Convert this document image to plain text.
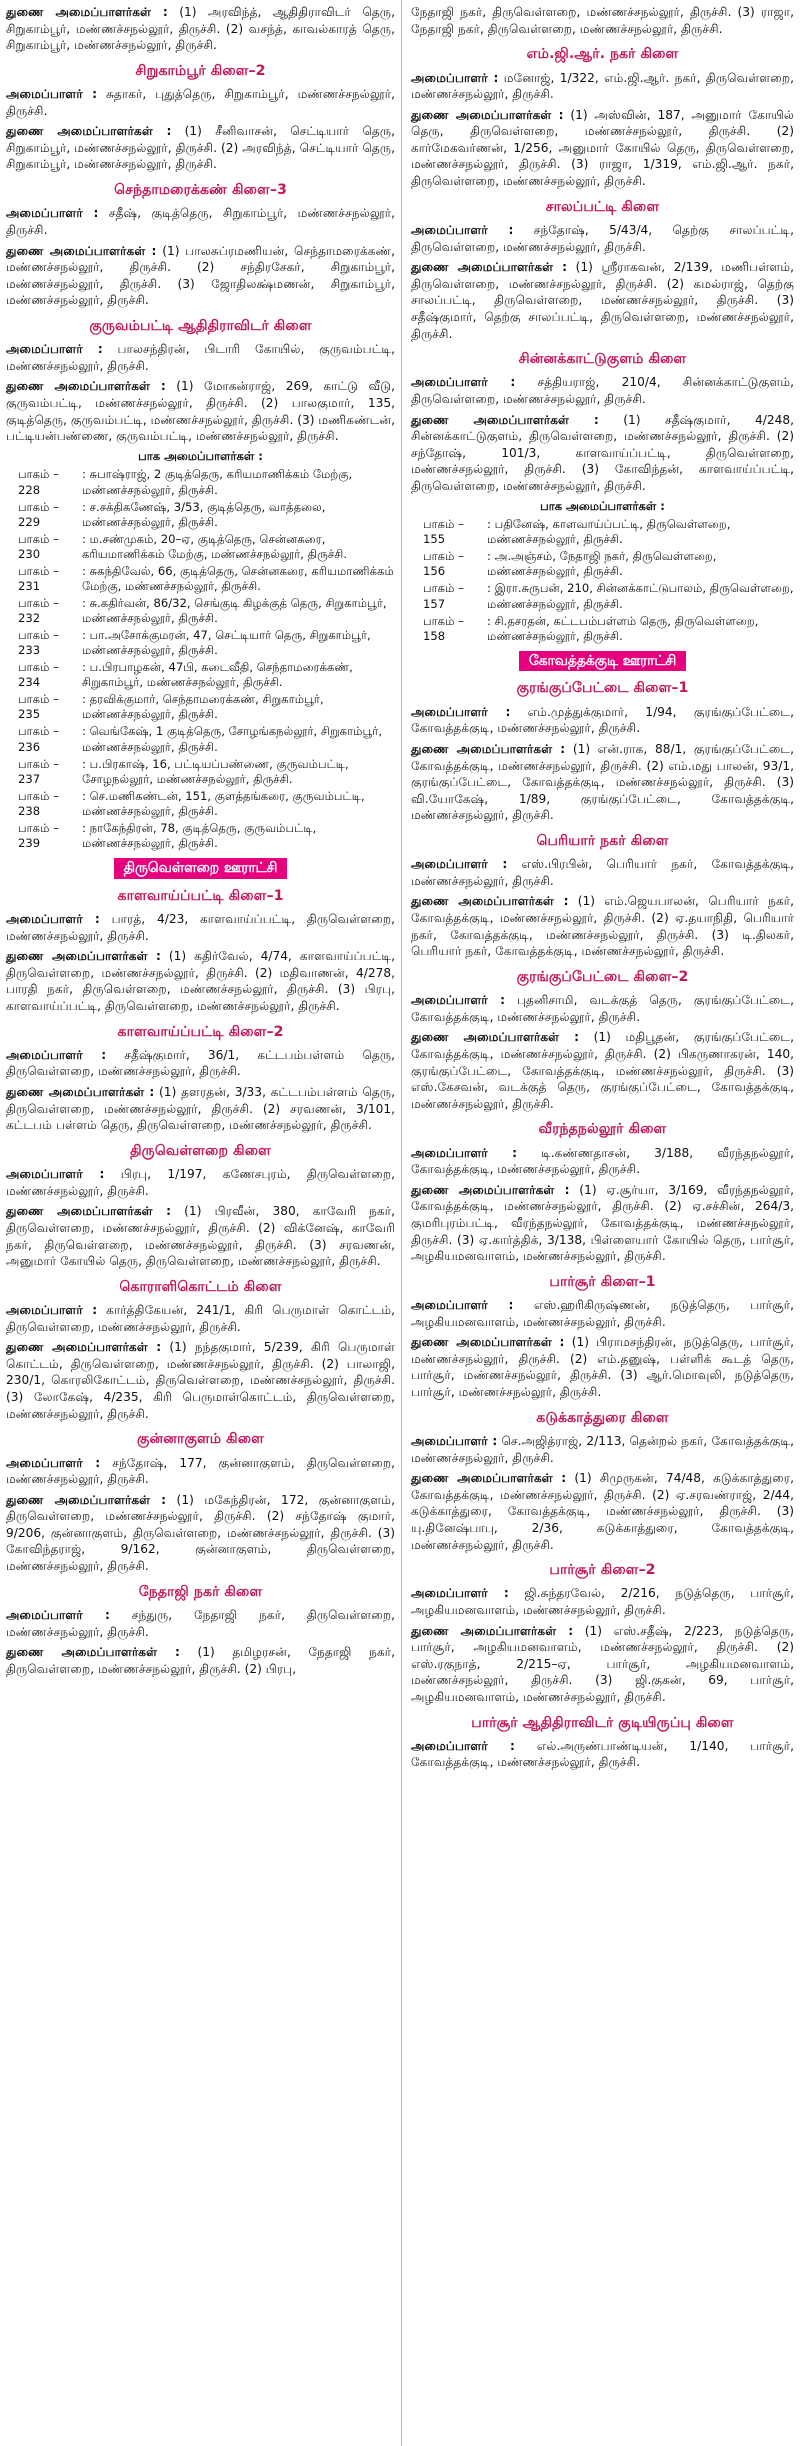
துணை அமைப்பாளர்கள் : (1) அரவிந்த், ஆதிதிராவிடர் தெரு, சிறுகாம்பூர், மண்ணச்சநல்லூர், திருச்சி. (2) வசந்த், காவல்காரத் தெரு, சிறுகாம்பூர், மண்ணச்சநல்லூர், திருச்சி.
சிறுகாம்பூர் கிளை–2
அமைப்பாளர் : சுதாகர், புதுத்தெரு, சிறுகாம்பூர், மண்ணச்சநல்லூர், திருச்சி.
துணை அமைப்பாளர்கள் : (1) சீனிவாசன், செட்டியார் தெரு, சிறுகாம்பூர், மண்ணச்சநல்லூர், திருச்சி. (2) அரவிந்த், செட்டியார் தெரு, சிறுகாம்பூர், மண்ணச்சநல்லூர், திருச்சி.
செந்தாமரைக்கண் கிளை–3
அமைப்பாளர் : சதீஷ், குடித்தெரு, சிறுகாம்பூர், மண்ணச்சநல்லூர், திருச்சி.
துணை அமைப்பாளர்கள் : (1) பாலசுப்ரமணியன், செந்தாமரைக்கண், மண்ணச்சநல்லூர், திருச்சி. (2) சந்திரசேகர், சிறுகாம்பூர், மண்ணச்சநல்லூர், திருச்சி. (3) ஜோதிலக்ஷ்மணன், சிறுகாம்பூர், மண்ணச்சநல்லூர், திருச்சி.
குருவம்பட்டி ஆதிதிராவிடர் கிளை
அமைப்பாளர் : பாலசந்திரன், பிடாரி கோயில், குருவம்பட்டி, மண்ணச்சநல்லூர், திருச்சி.
துணை அமைப்பாளர்கள் : (1) மோகன்ராஜ், 269, காட்டு வீடு, குருவம்பட்டி, மண்ணச்சநல்லூர், திருச்சி. (2) பாலகுமார், 135, குடித்தெரு, குருவம்பட்டி, மண்ணச்சநல்லூர், திருச்சி. (3) மணிகண்டன், பட்டியன்பண்ணை, குருவம்பட்டி, மண்ணச்சநல்லூர், திருச்சி.
பாக அமைப்பாளர்கள் :
பாகம் – 228
: சுபாஷ்ராஜ், 2 குடித்தெரு, கரியமாணிக்கம் மேற்கு, மண்ணச்சநல்லூர், திருச்சி.
பாகம் – 229
: ச.சக்திகணேஷ், 3/53, குடித்தெரு, வாத்தலை, மண்ணச்சநல்லூர், திருச்சி.
பாகம் – 230
: ம.சண்முகம், 20–ஏ, குடித்தெரு, சென்னகரை, கரியமாணிக்கம் மேற்கு, மண்ணச்சநல்லூர், திருச்சி.
பாகம் – 231
: சுகந்திவேல், 66, குடித்தெரு, சென்னகரை, கரியமாணிக்கம் மேற்கு, மண்ணச்சநல்லூர், திருச்சி.
பாகம் – 232
: சு.கதிர்வன், 86/32, செங்குடி கிழக்குத் தெரு, சிறுகாம்பூர், மண்ணச்சநல்லூர், திருச்சி.
பாகம் – 233
: பா.அசோக்குமரன், 47, செட்டியார் தெரு, சிறுகாம்பூர், மண்ணச்சநல்லூர், திருச்சி.
பாகம் – 234
: ப.பிரபாழகன், 47பி, கடைவீதி, செந்தாமரைக்கண், சிறுகாம்பூர், மண்ணச்சநல்லூர், திருச்சி.
பாகம் – 235
: தரவிக்குமார், செந்தாமரைக்கண், சிறுகாம்பூர், மண்ணச்சநல்லூர், திருச்சி.
பாகம் – 236
: வெங்கேஷ், 1 குடித்தெரு, சோழங்கநல்லூர், சிறுகாம்பூர், மண்ணச்சநல்லூர், திருச்சி.
பாகம் – 237
: ப.பிரகாஷ், 16, பட்டியப்பண்ணை, குருவம்பட்டி, சோழநல்லூர், மண்ணச்சநல்லூர், திருச்சி.
பாகம் – 238
: செ.மணிகண்டன், 151, குளத்தங்கரை, குருவம்பட்டி, மண்ணச்சநல்லூர், திருச்சி.
பாகம் – 239
: நாகேந்திரன், 78, குடித்தெரு, குருவம்பட்டி, மண்ணச்சநல்லூர், திருச்சி.
திருவெள்ளறை ஊராட்சி
காளவாய்ப்பட்டி கிளை–1
அமைப்பாளர் : பாரத், 4/23, காளவாய்ப்பட்டி, திருவெள்ளறை, மண்ணச்சநல்லூர், திருச்சி.
துணை அமைப்பாளர்கள் : (1) கதிர்வேல், 4/74, காளவாய்ப்பட்டி, திருவெள்ளறை, மண்ணச்சநல்லூர், திருச்சி. (2) மதிவாணன், 4/278, பாரதி நகர், திருவெள்ளறை, மண்ணச்சநல்லூர், திருச்சி. (3) பிரபு, காளவாய்ப்பட்டி, திருவெள்ளறை, மண்ணச்சநல்லூர், திருச்சி.
காளவாய்ப்பட்டி கிளை–2
அமைப்பாளர் : சதீஷ்குமார், 36/1, கட்டபம்பள்ளம் தெரு, திருவெள்ளறை, மண்ணச்சநல்லூர், திருச்சி.
துணை அமைப்பாளர்கள் : (1) தளரதன், 3/33, கட்டபம்பள்ளம் தெரு, திருவெள்ளறை, மண்ணச்சநல்லூர், திருச்சி. (2) சரவணன், 3/101, கட்டபம் பள்ளம் தெரு, திருவெள்ளறை, மண்ணச்சநல்லூர், திருச்சி.
திருவெள்ளறை கிளை
அமைப்பாளர் : பிரபு, 1/197, கணேசபுரம், திருவெள்ளறை, மண்ணச்சநல்லூர், திருச்சி.
துணை அமைப்பாளர்கள் : (1) பிரவீன், 380, காவேரி நகர், திருவெள்ளறை, மண்ணச்சநல்லூர், திருச்சி. (2) விக்னேஷ், காவேரி நகர், திருவெள்ளறை, மண்ணச்சநல்லூர், திருச்சி. (3) சரவணன், அனுமார் கோயில் தெரு, திருவெள்ளறை, மண்ணச்சநல்லூர், திருச்சி.
கொராளிகொட்டம் கிளை
அமைப்பாளர் : கார்த்திகேயன், 241/1, கிரி பெருமாள் கொட்டம், திருவெள்ளறை, மண்ணச்சநல்லூர், திருச்சி.
துணை அமைப்பாளர்கள் : (1) நந்தகுமார், 5/239, கிரி பெருமாள் கொட்டம், திருவெள்ளறை, மண்ணச்சநல்லூர், திருச்சி. (2) பாலாஜி, 230/1, கொரலிகோட்டம், திருவெள்ளறை, மண்ணச்சநல்லூர், திருச்சி. (3) லோகேஷ், 4/235, கிரி பெருமாள்கொட்டம், திருவெள்ளறை, மண்ணச்சநல்லூர், திருச்சி.
குன்னாகுளம் கிளை
அமைப்பாளர் : சந்தோஷ், 177, குன்னாகுளம், திருவெள்ளறை, மண்ணச்சநல்லூர், திருச்சி.
துணை அமைப்பாளர்கள் : (1) மகேந்திரன், 172, குன்னாகுளம், திருவெள்ளறை, மண்ணச்சநல்லூர், திருச்சி. (2) சந்தோஷ் குமார், 9/206, குன்னாகுளம், திருவெள்ளறை, மண்ணச்சநல்லூர், திருச்சி. (3) கோவிந்தராஜ், 9/162, குன்னாகுளம், திருவெள்ளறை, மண்ணச்சநல்லூர், திருச்சி.
நேதாஜி நகர் கிளை
அமைப்பாளர் : சந்துரு, நேதாஜி நகர், திருவெள்ளறை, மண்ணச்சநல்லூர், திருச்சி.
துணை அமைப்பாளர்கள் : (1) தமிழரசன், நேதாஜி நகர், திருவெள்ளறை, மண்ணச்சநல்லூர், திருச்சி. (2) பிரபு,
நேதாஜி நகர், திருவெள்ளறை, மண்ணச்சநல்லூர், திருச்சி. (3) ராஜா, நேதாஜி நகர், திருவெள்ளறை, மண்ணச்சநல்லூர், திருச்சி.
எம்.ஜி.ஆர். நகர் கிளை
அமைப்பாளர் : மனோஜ், 1/322, எம்.ஜி.ஆர். நகர், திருவெள்ளறை, மண்ணச்சநல்லூர், திருச்சி.
துணை அமைப்பாளர்கள் : (1) அஸ்வின், 187, அனுமார் கோயில் தெரு, திருவெள்ளறை, மண்ணச்சநல்லூர், திருச்சி. (2) கார்மேகவர்ணன், 1/256, அனுமார் கோயில் தெரு, திருவெள்ளறை, மண்ணச்சநல்லூர், திருச்சி. (3) ராஜா, 1/319, எம்.ஜி.ஆர். நகர், திருவெள்ளறை, மண்ணச்சநல்லூர், திருச்சி.
சாலப்பட்டி கிளை
அமைப்பாளர் : சந்தோஷ், 5/43/4, தெற்கு சாலப்பட்டி, திருவெள்ளறை, மண்ணச்சநல்லூர், திருச்சி.
துணை அமைப்பாளர்கள் : (1) ஸ்ரீராகவன், 2/139, மணிபள்ளம், திருவெள்ளறை, மண்ணச்சநல்லூர், திருச்சி. (2) கமல்ராஜ், தெற்கு சாலப்பட்டி, திருவெள்ளறை, மண்ணச்சநல்லூர், திருச்சி. (3) சதீஷ்குமார், தெற்கு சாலப்பட்டி, திருவெள்ளறை, மண்ணச்சநல்லூர், திருச்சி.
சின்னக்காட்டுகுளம் கிளை
அமைப்பாளர் : சத்தியராஜ், 210/4, சின்னக்காட்டுகுளம், திருவெள்ளறை, மண்ணச்சநல்லூர், திருச்சி.
துணை அமைப்பாளர்கள் : (1) சதீஷ்குமார், 4/248, சின்னக்காட்டுகுளம், திருவெள்ளறை, மண்ணச்சநல்லூர், திருச்சி. (2) சந்தோஷ், 101/3, காளவாய்ப்பட்டி, திருவெள்ளறை, மண்ணச்சநல்லூர், திருச்சி. (3) கோவிந்தன், காளவாய்ப்பட்டி, திருவெள்ளறை, மண்ணச்சநல்லூர், திருச்சி.
பாக அமைப்பாளர்கள் :
பாகம் – 155
: பதினேஷ், காளவாய்ப்பட்டி, திருவெள்ளறை, மண்ணச்சநல்லூர், திருச்சி.
பாகம் – 156
: அ.அஞ்சம், நேதாஜி நகர், திருவெள்ளறை, மண்ணச்சநல்லூர், திருச்சி.
பாகம் – 157
: இரா.சுருபன், 210, சின்னக்காட்டுபாலம், திருவெள்ளறை, மண்ணச்சநல்லூர், திருச்சி.
பாகம் – 158
: சி.தசரதன், கட்டபம்பள்ளம் தெரு, திருவெள்ளறை, மண்ணச்சநல்லூர், திருச்சி.
கோவத்தக்குடி ஊராட்சி
குரங்குப்பேட்டை கிளை–1
அமைப்பாளர் : எம்.முத்துக்குமார், 1/94, குரங்குப்பேட்டை, கோவத்தக்குடி, மண்ணச்சநல்லூர், திருச்சி.
துணை அமைப்பாளர்கள் : (1) என்.ராக, 88/1, குரங்குப்பேட்டை, கோவத்தக்குடி, மண்ணச்சநல்லூர், திருச்சி. (2) எம்.மது பாலன், 93/1, குரங்குப்பேட்டை, கோவத்தக்குடி, மண்ணச்சநல்லூர், திருச்சி. (3) வி.யோகேஷ், 1/89, குரங்குப்பேட்டை, கோவத்தக்குடி, மண்ணச்சநல்லூர், திருச்சி.
பெரியார் நகர் கிளை
அமைப்பாளர் : எஸ்.பிரபின், பெரியார் நகர், கோவத்தக்குடி, மண்ணச்சநல்லூர், திருச்சி.
துணை அமைப்பாளர்கள் : (1) எம்.ஜெயபாலன், பெரியார் நகர், கோவத்தக்குடி, மண்ணச்சநல்லூர், திருச்சி. (2) ஏ.தயாநிதி, பெரியார் நகர், கோவத்தக்குடி, மண்ணச்சநல்லூர், திருச்சி. (3) டி.திலகர், பெரியார் நகர், கோவத்தக்குடி, மண்ணச்சநல்லூர், திருச்சி.
குரங்குப்பேட்டை கிளை–2
அமைப்பாளர் : புதனிசாமி, வடக்குத் தெரு, குரங்குப்பேட்டை, கோவத்தக்குடி, மண்ணச்சநல்லூர், திருச்சி.
துணை அமைப்பாளர்கள் : (1) மதிபூதன், குரங்குப்பேட்டை, கோவத்தக்குடி, மண்ணச்சநல்லூர், திருச்சி. (2) பிகருணாகரன், 140, குரங்குப்பேட்டை, கோவத்தக்குடி, மண்ணச்சநல்லூர், திருச்சி. (3) எஸ்.கேசவன், வடக்குத் தெரு, குரங்குப்பேட்டை, கோவத்தக்குடி, மண்ணச்சநல்லூர், திருச்சி.
வீரந்தநல்லூர் கிளை
அமைப்பாளர் : டி.கண்ணதாசன், 3/188, வீரந்தநல்லூர், கோவத்தக்குடி, மண்ணச்சநல்லூர், திருச்சி.
துணை அமைப்பாளர்கள் : (1) ஏ.சூர்யா, 3/169, வீரந்தநல்லூர், கோவத்தக்குடி, மண்ணச்சநல்லூர், திருச்சி. (2) ஏ.சச்சின், 264/3, குமரிபுரம்பட்டி, வீரந்தநல்லூர், கோவத்தக்குடி, மண்ணச்சநல்லூர், திருச்சி. (3) ஏ.கார்த்திக், 3/138, பிள்ளையார் கோயில் தெரு, பார்சூர், அழகியமனவாளம், மண்ணச்சநல்லூர், திருச்சி.
பார்சூர் கிளை–1
அமைப்பாளர் : எஸ்.ஹரிகிருஷ்ணன், நடுத்தெரு, பார்சூர், அழகியமனவாளம், மண்ணச்சநல்லூர், திருச்சி.
துணை அமைப்பாளர்கள் : (1) பிராமசந்திரன், நடுத்தெரு, பார்சூர், மண்ணச்சநல்லூர், திருச்சி. (2) எம்.தனுஷ், பள்ளிக் கூடத் தெரு, பார்சூர், மண்ணச்சநல்லூர், திருச்சி. (3) ஆர்.மொவுலி, நடுத்தெரு, பார்சூர், மண்ணச்சநல்லூர், திருச்சி.
கடுக்காத்துரை கிளை
அமைப்பாளர் : செ.அஜித்ராஜ், 2/113, தென்றல் நகர், கோவத்தக்குடி, மண்ணச்சநல்லூர், திருச்சி.
துணை அமைப்பாளர்கள் : (1) சிமுருகன், 74/48, கடுக்காத்துரை, கோவத்தக்குடி, மண்ணச்சநல்லூர், திருச்சி. (2) ஏ.சரவண்ராஜ், 2/44, கடுக்காத்துரை, கோவத்தக்குடி, மண்ணச்சநல்லூர், திருச்சி. (3) யு.தினேஷ்பாபு, 2/36, கடுக்காத்துரை, கோவத்தக்குடி, மண்ணச்சநல்லூர், திருச்சி.
பார்சூர் கிளை–2
அமைப்பாளர் : ஜி.சுந்தரவேல், 2/216, நடுத்தெரு, பார்சூர், அழகியமனவாளம், மண்ணச்சநல்லூர், திருச்சி.
துணை அமைப்பாளர்கள் : (1) எஸ்.சதீஷ், 2/223, நடுத்தெரு, பார்சூர், அழகியமனவாளம், மண்ணச்சநல்லூர், திருச்சி. (2) எஸ்.ரகுநாத், 2/215–ஏ, பார்சூர், அழகியமனவாளம், மண்ணச்சநல்லூர், திருச்சி. (3) ஜி.குகன், 69, பார்சூர், அழகியமனவாளம், மண்ணச்சநல்லூர், திருச்சி.
பார்சூர் ஆதிதிராவிடர் குடியிருப்பு கிளை
அமைப்பாளர் : எல்.அருண்பாண்டியன், 1/140, பார்சூர், கோவத்தக்குடி, மண்ணச்சநல்லூர், திருச்சி.
